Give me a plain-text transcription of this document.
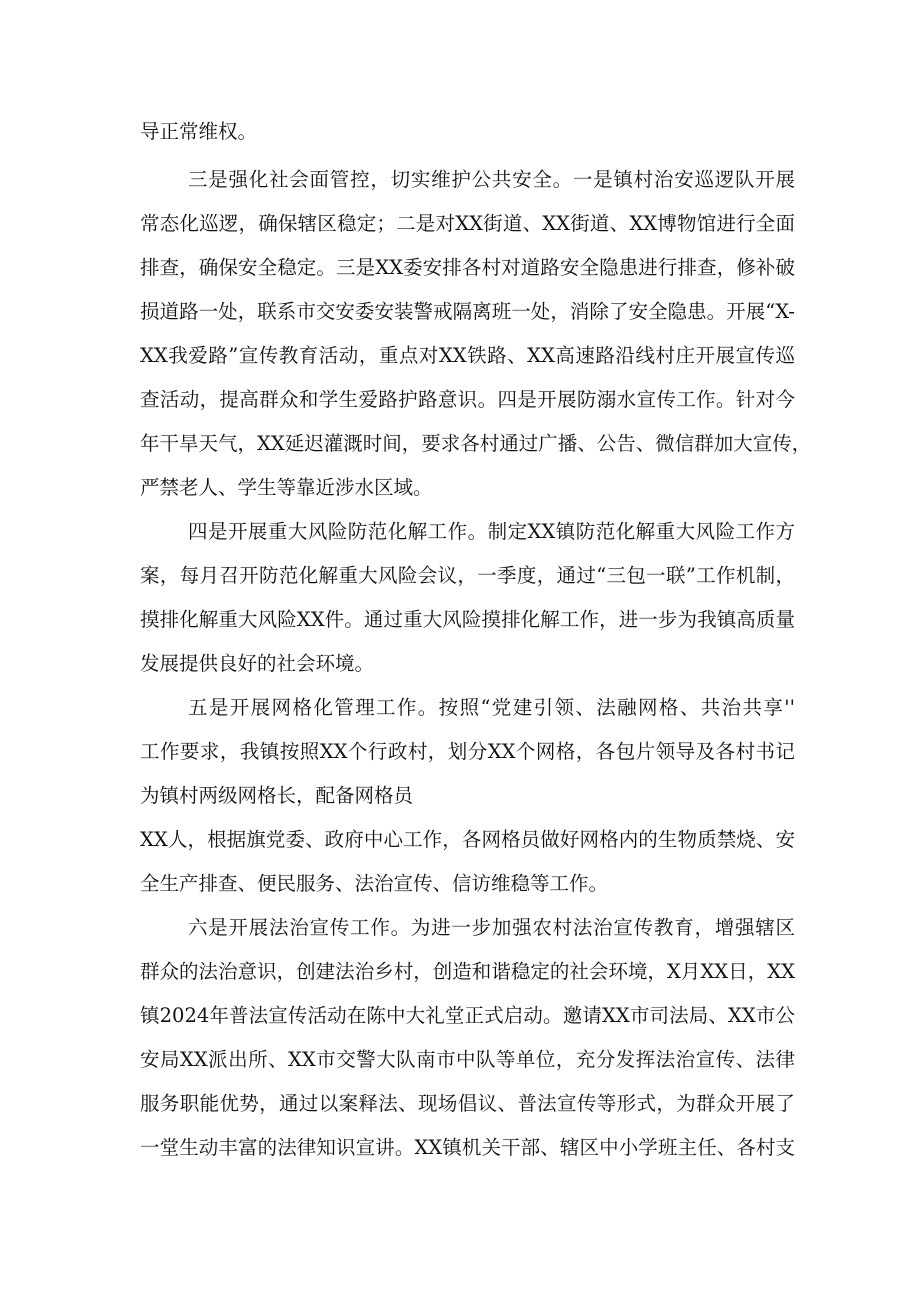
导正常维权。
三是强化社会面管控，切实维护公共安全。一是镇村治安巡逻队开展
常态化巡逻，确保辖区稳定；二是对XX街道、XX街道、XX博物馆进行全面
排查，确保安全稳定。三是XX委安排各村对道路安全隐患进行排查，修补破
损道路一处，联系市交安委安装警戒隔离班一处，消除了安全隐患。开展“X-
XX我爱路”宣传教育活动，重点对XX铁路、XX高速路沿线村庄开展宣传巡
查活动，提高群众和学生爱路护路意识。四是开展防溺水宣传工作。针对今
年干旱天气，XX延迟灌溉时间，要求各村通过广播、公告、微信群加大宣传，
严禁老人、学生等靠近涉水区域。
四是开展重大风险防范化解工作。制定XX镇防范化解重大风险工作方
案，每月召开防范化解重大风险会议，一季度，通过“三包一联”工作机制，
摸排化解重大风险XX件。通过重大风险摸排化解工作，进一步为我镇高质量
发展提供良好的社会环境。
五是开展网格化管理工作。按照“党建引领、法融网格、共治共享''
工作要求，我镇按照XX个行政村，划分XX个网格，各包片领导及各村书记
为镇村两级网格长，配备网格员
XX人，根据旗党委、政府中心工作，各网格员做好网格内的生物质禁烧、安
全生产排查、便民服务、法治宣传、信访维稳等工作。
六是开展法治宣传工作。为进一步加强农村法治宣传教育，增强辖区
群众的法治意识，创建法治乡村，创造和谐稳定的社会环境，X月XX日，XX
镇2024年普法宣传活动在陈中大礼堂正式启动。邀请XX市司法局、XX市公
安局XX派出所、XX市交警大队南市中队等单位，充分发挥法治宣传、法律
服务职能优势，通过以案释法、现场倡议、普法宣传等形式，为群众开展了
一堂生动丰富的法律知识宣讲。XX镇机关干部、辖区中小学班主任、各村支
